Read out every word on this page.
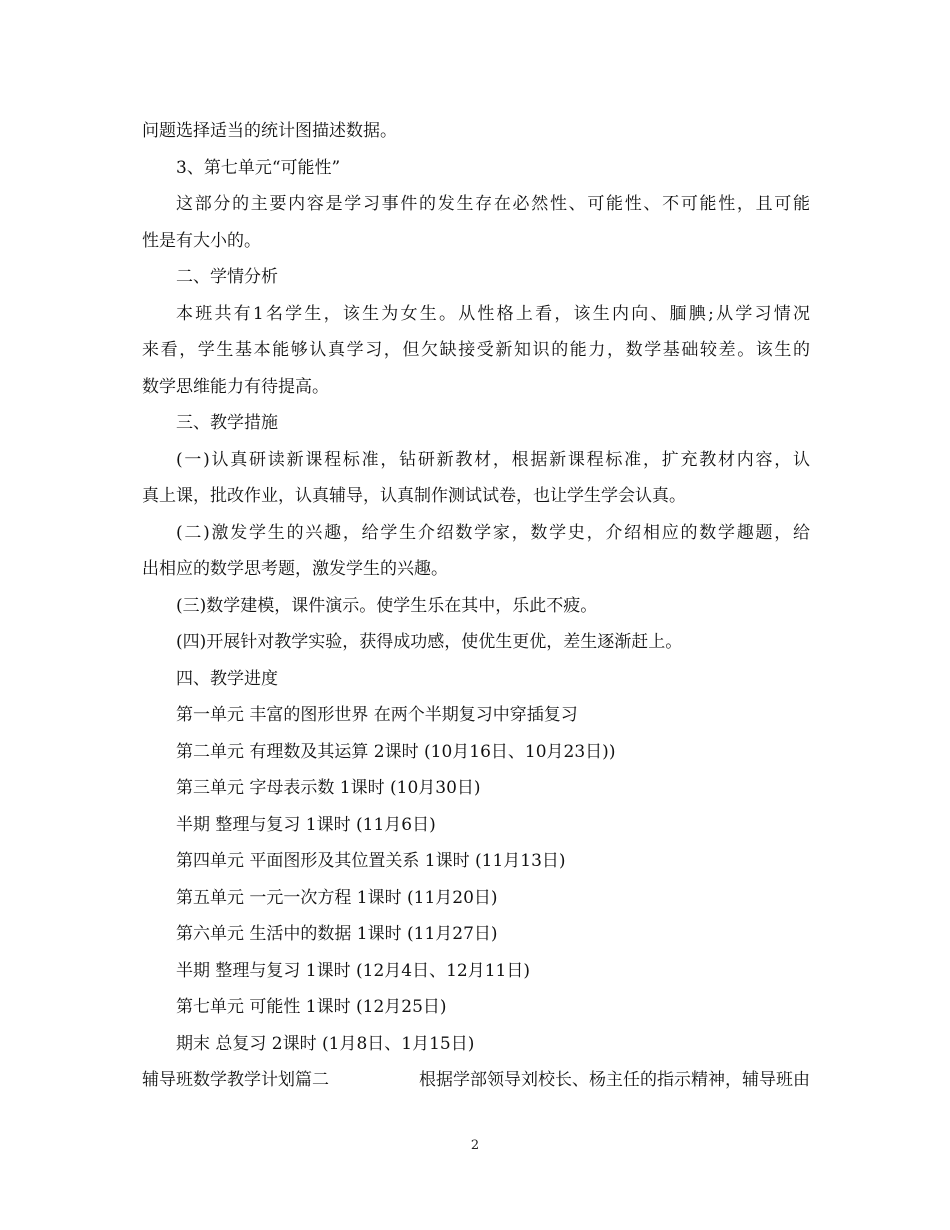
问题选择适当的统计图描述数据。
3、第七单元“可能性”
这部分的主要内容是学习事件的发生存在必然性、可能性、不可能性，且可能
性是有大小的。
二、学情分析
本班共有1名学生，该生为女生。从性格上看，该生内向、腼腆;从学习情况
来看，学生基本能够认真学习，但欠缺接受新知识的能力，数学基础较差。该生的
数学思维能力有待提高。
三、教学措施
(一)认真研读新课程标准，钻研新教材，根据新课程标准，扩充教材内容，认
真上课，批改作业，认真辅导，认真制作测试试卷，也让学生学会认真。
(二)激发学生的兴趣，给学生介绍数学家，数学史，介绍相应的数学趣题，给
出相应的数学思考题，激发学生的兴趣。
(三)数学建模，课件演示。使学生乐在其中，乐此不疲。
(四)开展针对教学实验，获得成功感，使优生更优，差生逐渐赶上。
四、教学进度
第一单元 丰富的图形世界 在两个半期复习中穿插复习
第二单元 有理数及其运算 2课时 (10月16日、10月23日))
第三单元 字母表示数 1课时 (10月30日)
半期 整理与复习 1课时 (11月6日)
第四单元 平面图形及其位置关系 1课时 (11月13日)
第五单元 一元一次方程 1课时 (11月20日)
第六单元 生活中的数据 1课时 (11月27日)
半期 整理与复习 1课时 (12月4日、12月11日)
第七单元 可能性 1课时 (12月25日)
期末 总复习 2课时 (1月8日、1月15日)
辅导班数学教学计划篇二	根据学部领导刘校长、杨主任的指示精神，辅导班由
2
